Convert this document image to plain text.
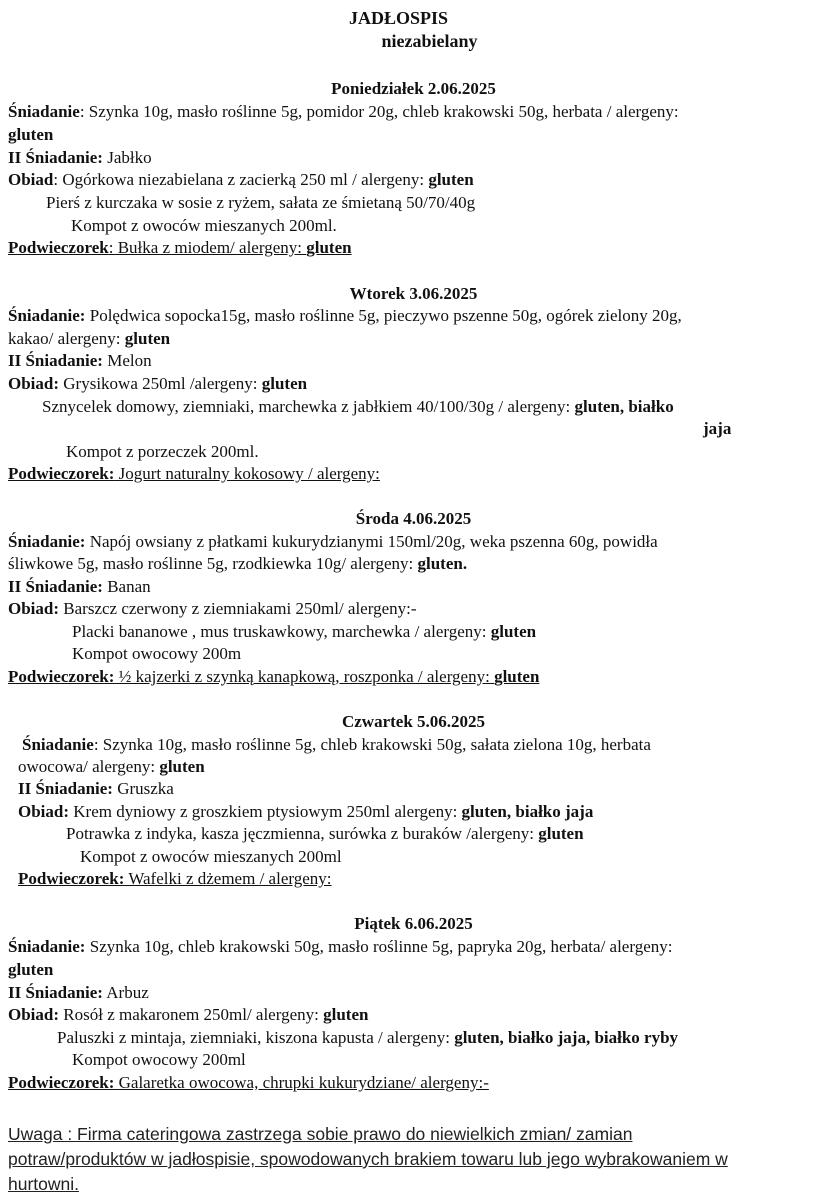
JADŁOSPIS
niezabielany
Poniedziałek 2.06.2025
Śniadanie: Szynka 10g, masło roślinne 5g, pomidor 20g, chleb krakowski 50g, herbata / alergeny:
gluten
II Śniadanie: Jabłko
Obiad: Ogórkowa niezabielana z zacierką 250 ml / alergeny: gluten
Pierś z kurczaka w sosie z ryżem, sałata ze śmietaną 50/70/40g
Kompot z owoców mieszanych 200ml.
Podwieczorek: Bułka z miodem/ alergeny: gluten
Wtorek 3.06.2025
Śniadanie: Polędwica sopocka15g, masło roślinne 5g, pieczywo pszenne 50g, ogórek zielony 20g,
kakao/ alergeny: gluten
II Śniadanie: Melon
Obiad: Grysikowa 250ml /alergeny: gluten
Sznycelek domowy, ziemniaki, marchewka z jabłkiem 40/100/30g / alergeny: gluten, białko
jaja
Kompot z porzeczek 200ml.
Podwieczorek: Jogurt naturalny kokosowy / alergeny:
Środa 4.06.2025
Śniadanie: Napój owsiany z płatkami kukurydzianymi 150ml/20g, weka pszenna 60g, powidła
śliwkowe 5g, masło roślinne 5g, rzodkiewka 10g/ alergeny: gluten.
II Śniadanie: Banan
Obiad: Barszcz czerwony z ziemniakami 250ml/ alergeny:-
Placki bananowe , mus truskawkowy, marchewka / alergeny: gluten
Kompot owocowy 200m
Podwieczorek: ½ kajzerki z szynką kanapkową, roszponka / alergeny: gluten
Czwartek 5.06.2025
Śniadanie: Szynka 10g, masło roślinne 5g, chleb krakowski 50g, sałata zielona 10g, herbata
owocowa/ alergeny: gluten
II Śniadanie: Gruszka
Obiad: Krem dyniowy z groszkiem ptysiowym 250ml alergeny: gluten, białko jaja
Potrawka z indyka, kasza jęczmienna, surówka z buraków /alergeny: gluten
Kompot z owoców mieszanych 200ml
Podwieczorek: Wafelki z dżemem / alergeny:
Piątek 6.06.2025
Śniadanie: Szynka 10g, chleb krakowski 50g, masło roślinne 5g, papryka 20g, herbata/ alergeny:
gluten
II Śniadanie: Arbuz
Obiad: Rosół z makaronem 250ml/ alergeny: gluten
Paluszki z mintaja, ziemniaki, kiszona kapusta / alergeny: gluten, białko jaja, białko ryby
Kompot owocowy 200ml
Podwieczorek: Galaretka owocowa, chrupki kukurydziane/ alergeny:-
Uwaga : Firma cateringowa zastrzega sobie prawo do niewielkich zmian/ zamian
potraw/produktów w jadłospisie, spowodowanych brakiem towaru lub jego wybrakowaniem w
hurtowni.
